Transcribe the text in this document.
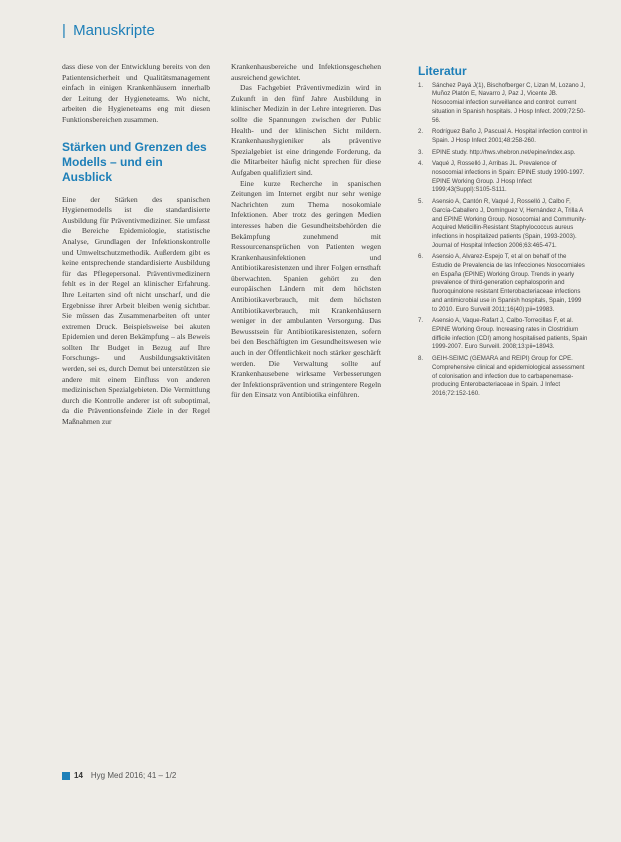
| Manuskripte

dass diese von der Entwicklung bereits von den Patientensicherheit und Qualitätsmanagement einfach in einigen Krankenhäusern innerhalb der Leitung der Hygieneteams. Wo nicht, arbeiten die Hygieneteams eng mit diesen Funktionsbereichen zusammen.

Stärken und Grenzen des Modells – und ein Ausblick

Eine der Stärken des spanischen Hygienemodells ist die standardisierte Ausbildung für Präventivmediziner. Sie umfasst die Bereiche Epidemiologie, statistische Analyse, Grundlagen der Infektionskontrolle und Umweltschutzmethodik. Außerdem gibt es keine entsprechende standardisierte Ausbildung für das Pflegepersonal. Präventivmedizinern fehlt es in der Regel an klinischer Erfahrung. Ihre Leitarten sind oft nicht unscharf, und die Ergebnisse ihrer Arbeit bleiben wenig sichtbar. Sie müssen das Zusammenarbeiten oft unter extremen Druck. Beispielsweise bei akuten Epidemien und deren Bekämpfung – als Beweis sollten Ihr Budget in Bezug auf Ihre Forschungs- und Ausbildungsaktivitäten werden, sei es, durch Demut bei unterstützen sie andere mit einem Einfluss von anderen medizinischen Spezialgebieten. Die Vermittlung durch die Kontrolle anderer ist oft suboptimal, da die Präventionsfeinde Ziele in der Regel Maßnahmen zur

Krankenhausbereiche und Infektionsgeschehen ausreichend gewichtet.

Das Fachgebiet Präventivmedizin wird in Zukunft in den fünf Jahre Ausbildung in klinischer Medizin in der Lehre integrieren. Das sollte die Spannungen zwischen der Public Health- und der klinischen Sicht mildern. Krankenhaushygieniker als präventive Spezialgebiet ist eine dringende Forderung, da die Mitarbeiter häufig nicht sprechen für diese Aufgaben qualifiziert sind.

Eine kurze Recherche in spanischen Zeitungen im Internet ergibt nur sehr wenige Nachrichten zum Thema nosokomiale Infektionen. Aber trotz des geringen Medien interesses haben die Gesundheitsbehörden die Bekämpfung zunehmend mit Ressourcenansprüchen von Patienten wegen Krankenhausinfektionen und Antibiotikaresistenzen und ihrer Folgen ernsthaft überwachten. Spanien gehört zu den europäischen Ländern mit dem höchsten Antibiotikaverbrauch, mit dem höchsten Antibiotikaverbrauch, mit Krankenhäusern weniger in der ambulanten Versorgung. Das Bewusstsein für Antibiotikaresistenzen, sofern bei den Beschäftigten im Gesundheitswesen wie auch in der Öffentlichkeit noch stärker geschärft werden. Die Verwaltung sollte auf Krankenhausebene wirksame Verbesserungen der Infektionsprävention und stringentere Regeln für den Einsatz von Antibiotika einführen.

Literatur
1.	Sánchez Payá J(1), Bischofberger C, Lizan M, Lozano J, Muñoz Platón E, Navarro J, Paz J, Vicente JB. Nosocomial infection surveillance and control: current situation in Spanish hospitals. J Hosp Infect. 2009;72:50-56.
2.	Rodríguez Baño J, Pascual A. Hospital infection control in Spain. J Hosp Infect 2001;48:258-260.
3.	EPINE study. http://hws.vhebron.net/epine/index.asp.
4.	Vaqué J, Rosselló J, Arribas JL. Prevalence of nosocomial infections in Spain: EPINE study 1990-1997. EPINE Working Group. J Hosp Infect 1999;43(Suppl):S105-S111.
5.	Asensio A, Cantón R, Vaqué J, Rosselló J, Calbo F, García-Caballero J, Domínguez V, Hernández A, Trilla A and EPINE Working Group. Nosocomial and Community-Acquired Meticillin-Resistant Staphylococcus aureus infections in hospitalized patients (Spain, 1993-2003). Journal of Hospital Infection 2006;63:465-471.
6.	Asensio A, Alvarez-Espejo T, et al on behalf of the Estudio de Prevalencia de las Infecciones Nosocomiales en España (EPINE) Working Group. Trends in yearly prevalence of third-generation cephalosporin and fluoroquinolone resistant Enterobacteriaceae infections and antimicrobial use in Spanish hospitals, Spain, 1999 to 2010. Euro Surveill 2011;16(40):pii=19983.
7.	Asensio A, Vaque-Rafart J, Calbo-Torrecillas F, et al. EPINE Working Group. Increasing rates in Clostridium difficile infection (CDI) among hospitalised patients, Spain 1999-2007. Euro Surveill. 2008;13:pii=18943.
8.	GEIH-SEIMC (GEMARA and REIPI) Group for CPE. Comprehensive clinical and epidemiological assessment of colonisation and infection due to carbapenemase-producing Enterobacteriaceae in Spain. J Infect 2016;72:152-160.
14 Hyg Med 2016; 41 – 1/2
